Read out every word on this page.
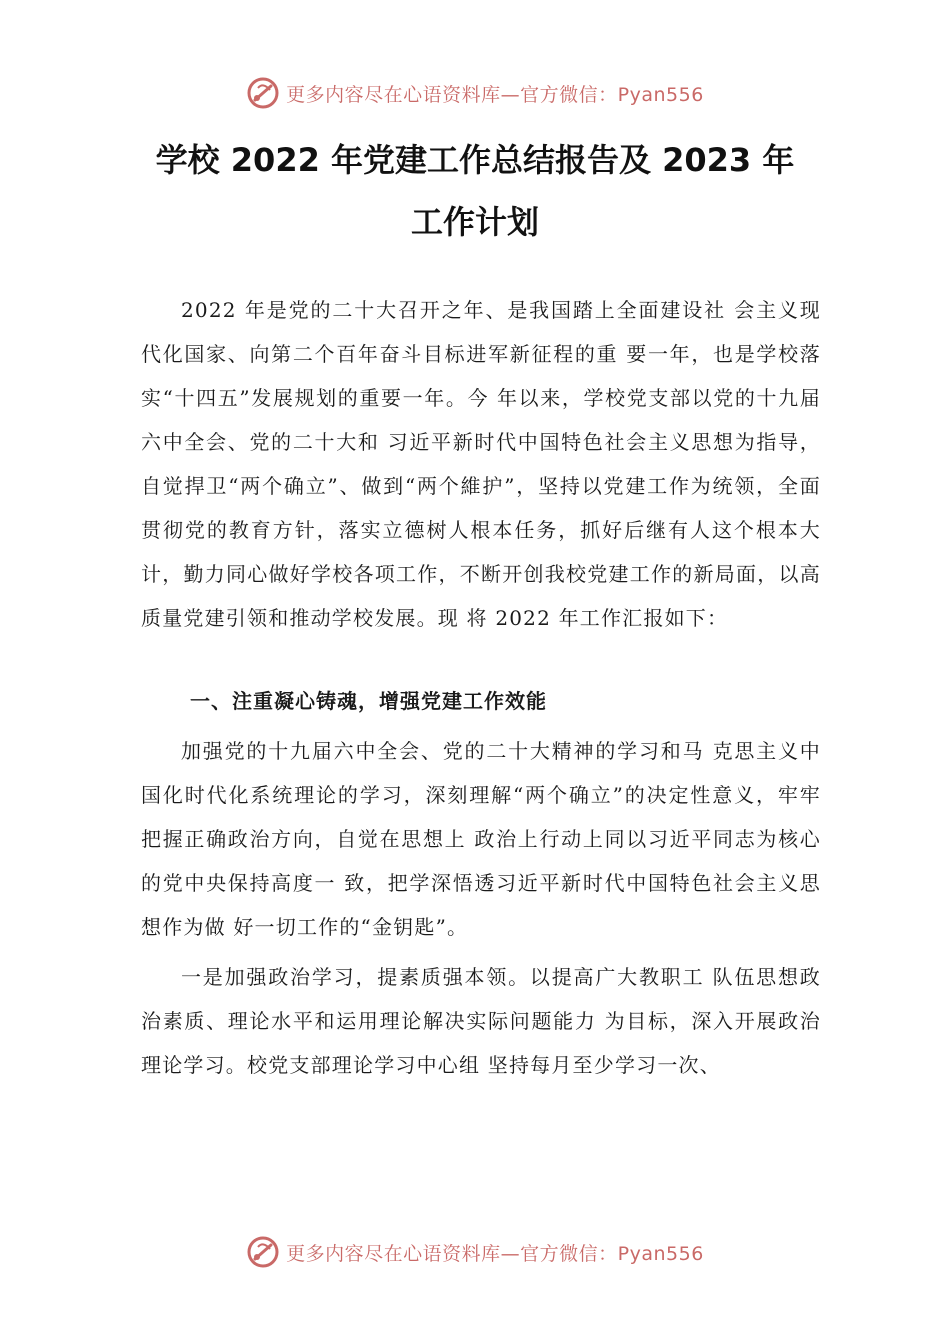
更多内容尽在心语资料库—官方微信：Pyan556
学校 2022 年党建工作总结报告及 2023 年
工作计划

2022 年是党的二十大召开之年、是我国踏上全面建设社 会主义现代化国家、向第二个百年奋斗目标进军新征程的重 要一年，也是学校落实“十四五”发展规划的重要一年。今 年以来，学校党支部以党的十九届六中全会、党的二十大和 习近平新时代中国特色社会主义思想为指导，自觉捍卫“两个确立”、做到“两个維护”，坚持以党建工作为统领，全面贯彻党的教育方针，落实立德树人根本任务，抓好后继有人这个根本大计，勤力同心做好学校各项工作，不断开创我校党建工作的新局面，以高质量党建引领和推动学校发展。现 将 2022 年工作汇报如下：

一、注重凝心铸魂，增强党建工作效能

加强党的十九届六中全会、党的二十大精神的学习和马 克思主义中国化时代化系统理论的学习，深刻理解“两个确立”的决定性意义，牢牢把握正确政治方向，自觉在思想上 政治上行动上同以习近平同志为核心的党中央保持高度一 致，把学深悟透习近平新时代中国特色社会主义思想作为做 好一切工作的“金钥匙”。

一是加强政治学习，提素质强本领。以提高广大教职工 队伍思想政治素质、理论水平和运用理论解决实际问题能力 为目标，深入开展政治理论学习。校党支部理论学习中心组 坚持每月至少学习一次、

更多内容尽在心语资料库—官方微信：Pyan556
